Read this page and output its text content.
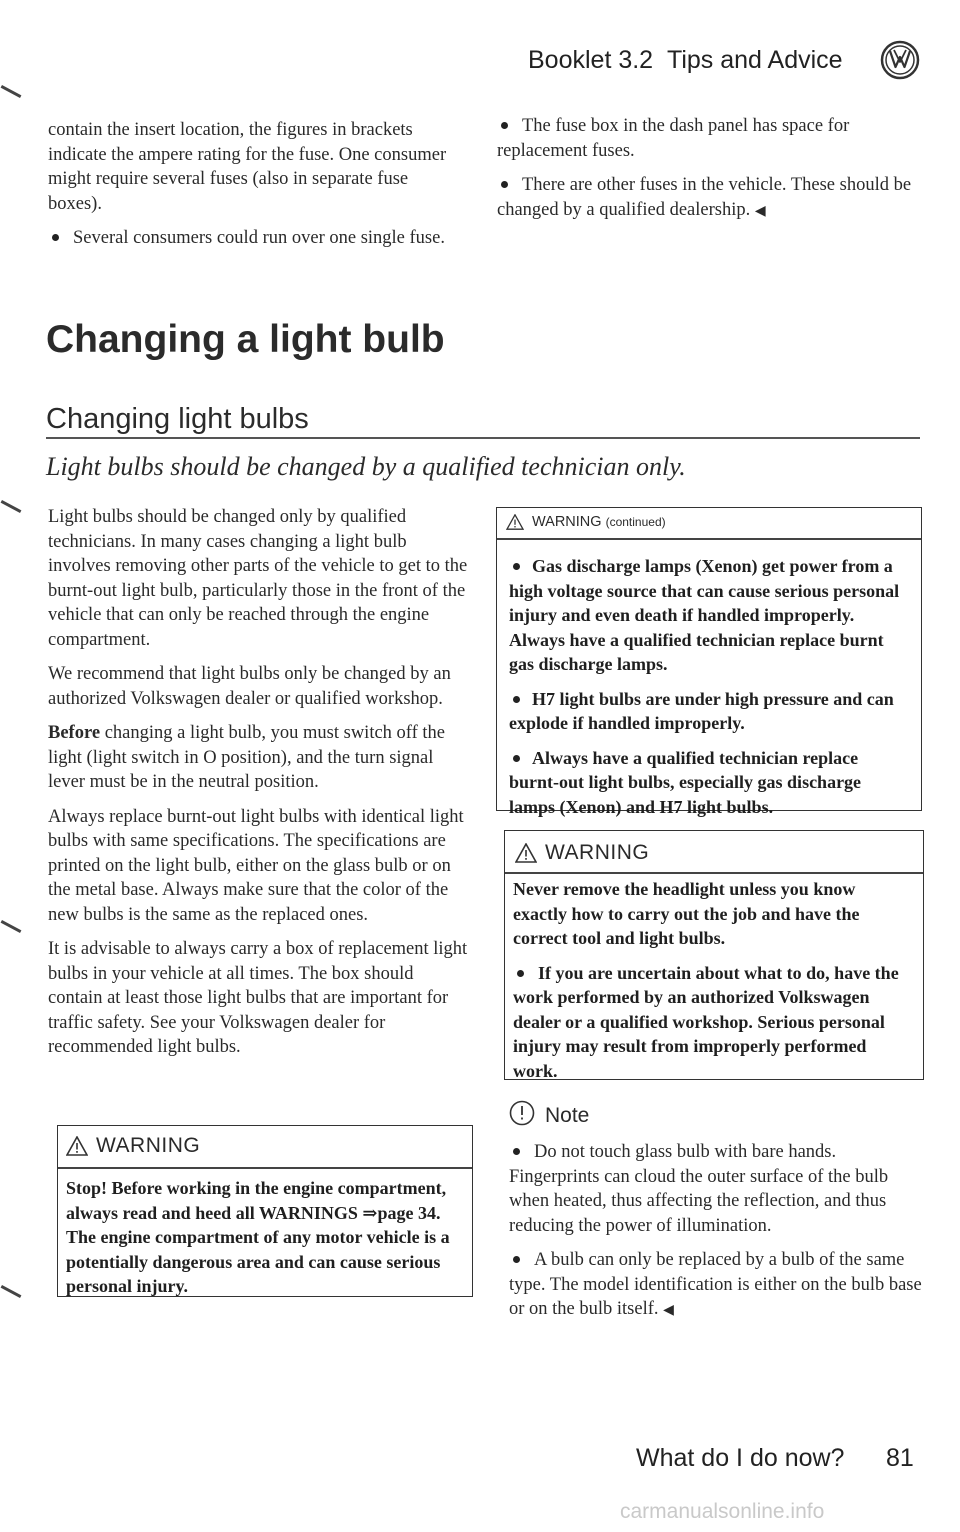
Booklet 3.2 Tips and Advice

contain the insert location, the figures in brackets indicate the ampere rating for the fuse. One consumer might require several fuses (also in separate fuse boxes).

Several consumers could run over one single fuse.

The fuse box in the dash panel has space for replacement fuses.

There are other fuses in the vehicle. These should be changed by a qualified dealership. ◀

Changing a light bulb
Changing light bulbs
Light bulbs should be changed by a qualified technician only.

Light bulbs should be changed only by qualified technicians. In many cases changing a light bulb involves removing other parts of the vehicle to get to the burnt-out light bulb, particularly those in the front of the vehicle that can only be reached through the engine compartment.

We recommend that light bulbs only be changed by an authorized Volkswagen dealer or qualified workshop.

Before changing a light bulb, you must switch off the light (light switch in O position), and the turn signal lever must be in the neutral position.

Always replace burnt-out light bulbs with identical light bulbs with same specifications. The specifications are printed on the light bulb, either on the glass bulb or on the metal base. Always make sure that the color of the new bulbs is the same as the replaced ones.

It is advisable to always carry a box of replacement light bulbs in your vehicle at all times. The box should contain at least those light bulbs that are important for traffic safety. See your Volkswagen dealer for recommended light bulbs.

WARNING
Stop! Before working in the engine compartment, always read and heed all WARNINGS ⇒page 34. The engine compartment of any motor vehicle is a potentially dangerous area and can cause serious personal injury.
WARNING (continued)

Gas discharge lamps (Xenon) get power from a high voltage source that can cause serious personal injury and even death if handled improperly. Always have a qualified technician replace burnt gas discharge lamps.

H7 light bulbs are under high pressure and can explode if handled improperly.

Always have a qualified technician replace burnt-out light bulbs, especially gas discharge lamps (Xenon) and H7 light bulbs.

WARNING

Never remove the headlight unless you know exactly how to carry out the job and have the correct tool and light bulbs.

If you are uncertain about what to do, have the work performed by an authorized Volkswagen dealer or a qualified workshop. Serious personal injury may result from improperly performed work.

Note

Do not touch glass bulb with bare hands. Fingerprints can cloud the outer surface of the bulb when heated, thus affecting the reflection, and thus reducing the power of illumination.

A bulb can only be replaced by a bulb of the same type. The model identification is either on the bulb base or on the bulb itself. ◀

What do I do now? 81
carmanualsonline.info
